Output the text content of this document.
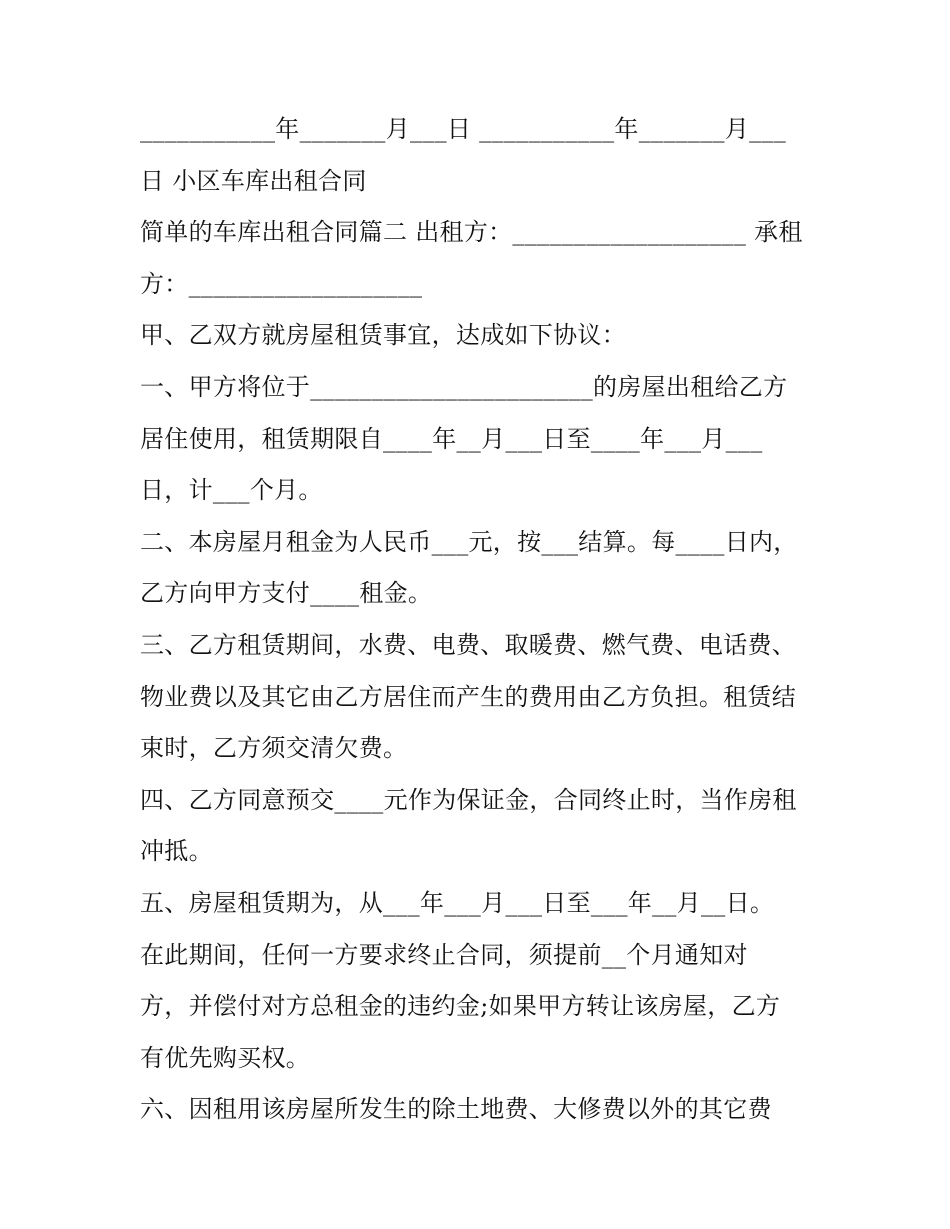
___________年_______月___日 ___________年_______月___
日 小区车库出租合同
简单的车库出租合同篇二 出租方：___________________ 承租
方：___________________
甲、乙双方就房屋租赁事宜，达成如下协议：
一、甲方将位于_______________________的房屋出租给乙方
居住使用，租赁期限自____年__月___日至____年___月___
日，计___个月。
二、本房屋月租金为人民币___元，按___结算。每____日内，
乙方向甲方支付____租金。
三、乙方租赁期间，水费、电费、取暖费、燃气费、电话费、
物业费以及其它由乙方居住而产生的费用由乙方负担。租赁结
束时，乙方须交清欠费。
四、乙方同意预交____元作为保证金，合同终止时，当作房租
冲抵。
五、房屋租赁期为，从___年___月___日至___年__月__日。
在此期间，任何一方要求终止合同，须提前__个月通知对
方，并偿付对方总租金的违约金;如果甲方转让该房屋，乙方
有优先购买权。
六、因租用该房屋所发生的除土地费、大修费以外的其它费
